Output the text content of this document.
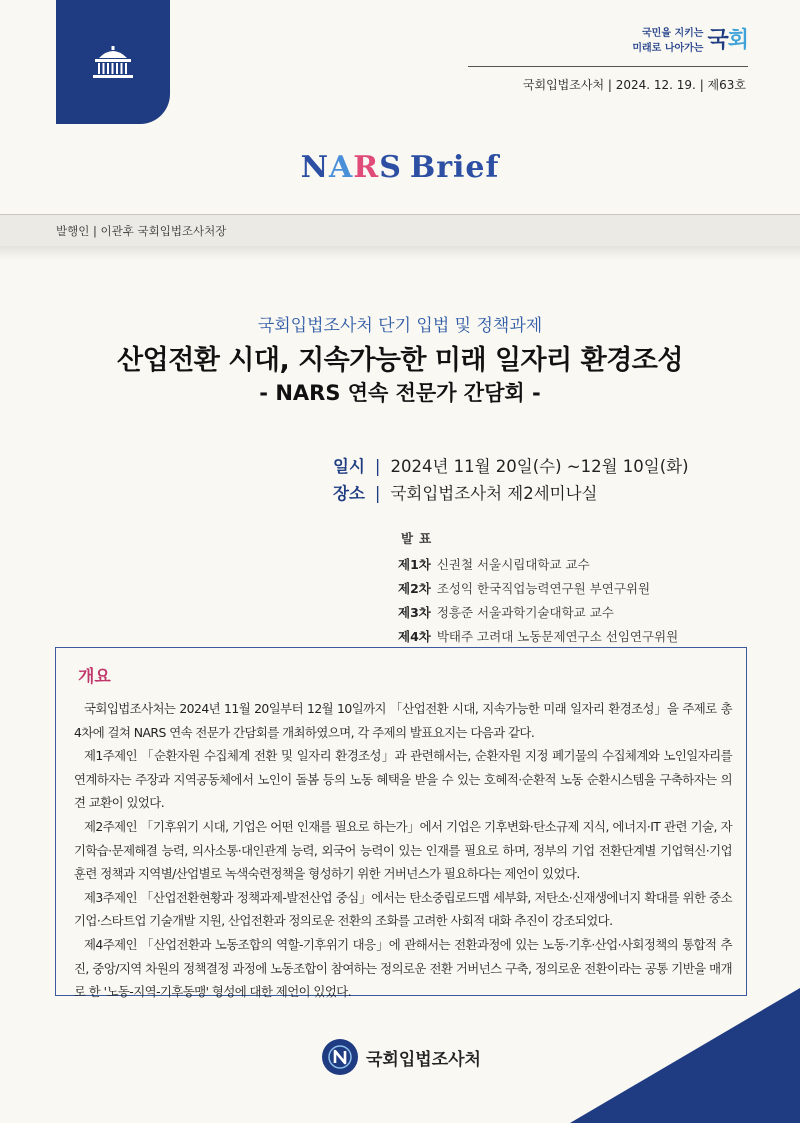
국민을 지키는
미래로 나아가는 국회
국회입법조사처 | 2024. 12. 19. | 제63호
NARS Brief
발행인 | 이관후 국회입법조사처장
국회입법조사처 단기 입법 및 정책과제
산업전환 시대, 지속가능한 미래 일자리 환경조성
- NARS 연속 전문가 간담회 -
일시 | 2024년 11월 20일(수) ~12월 10일(화)
장소 | 국회입법조사처 제2세미나실
발표
제1차 신권철 서울시립대학교 교수
제2차 조성익 한국직업능력연구원 부연구위원
제3차 정흥준 서울과학기술대학교 교수
제4차 박태주 고려대 노동문제연구소 선임연구위원
개요

국회입법조사처는 2024년 11월 20일부터 12월 10일까지 「산업전환 시대, 지속가능한 미래 일자리 환경조성」을 주제로 총 4차에 걸쳐 NARS 연속 전문가 간담회를 개최하였으며, 각 주제의 발표요지는 다음과 같다.

제1주제인 「순환자원 수집체계 전환 및 일자리 환경조성」과 관련해서는, 순환자원 지정 폐기물의 수집체계와 노인일자리를 연계하자는 주장과 지역공동체에서 노인이 돌봄 등의 노동 혜택을 받을 수 있는 호혜적·순환적 노동 순환시스템을 구축하자는 의견 교환이 있었다.

제2주제인 「기후위기 시대, 기업은 어떤 인재를 필요로 하는가」에서 기업은 기후변화·탄소규제 지식, 에너지·IT 관련 기술, 자기학습·문제해결 능력, 의사소통·대인관계 능력, 외국어 능력이 있는 인재를 필요로 하며, 정부의 기업 전환단계별 기업혁신·기업훈련 정책과 지역별/산업별로 녹색숙련정책을 형성하기 위한 거버넌스가 필요하다는 제언이 있었다.

제3주제인 「산업전환현황과 정책과제-발전산업 중심」에서는 탄소중립로드맵 세부화, 저탄소·신재생에너지 확대를 위한 중소기업·스타트업 기술개발 지원, 산업전환과 정의로운 전환의 조화를 고려한 사회적 대화 추진이 강조되었다.

제4주제인 「산업전환과 노동조합의 역할-기후위기 대응」에 관해서는 전환과정에 있는 노동·기후·산업·사회정책의 통합적 추진, 중앙/지역 차원의 정책결정 과정에 노동조합이 참여하는 정의로운 전환 거버넌스 구축, 정의로운 전환이라는 공통 기반을 매개로 한 '노동-지역-기후동맹' 형성에 대한 제언이 있었다.

국회입법조사처
